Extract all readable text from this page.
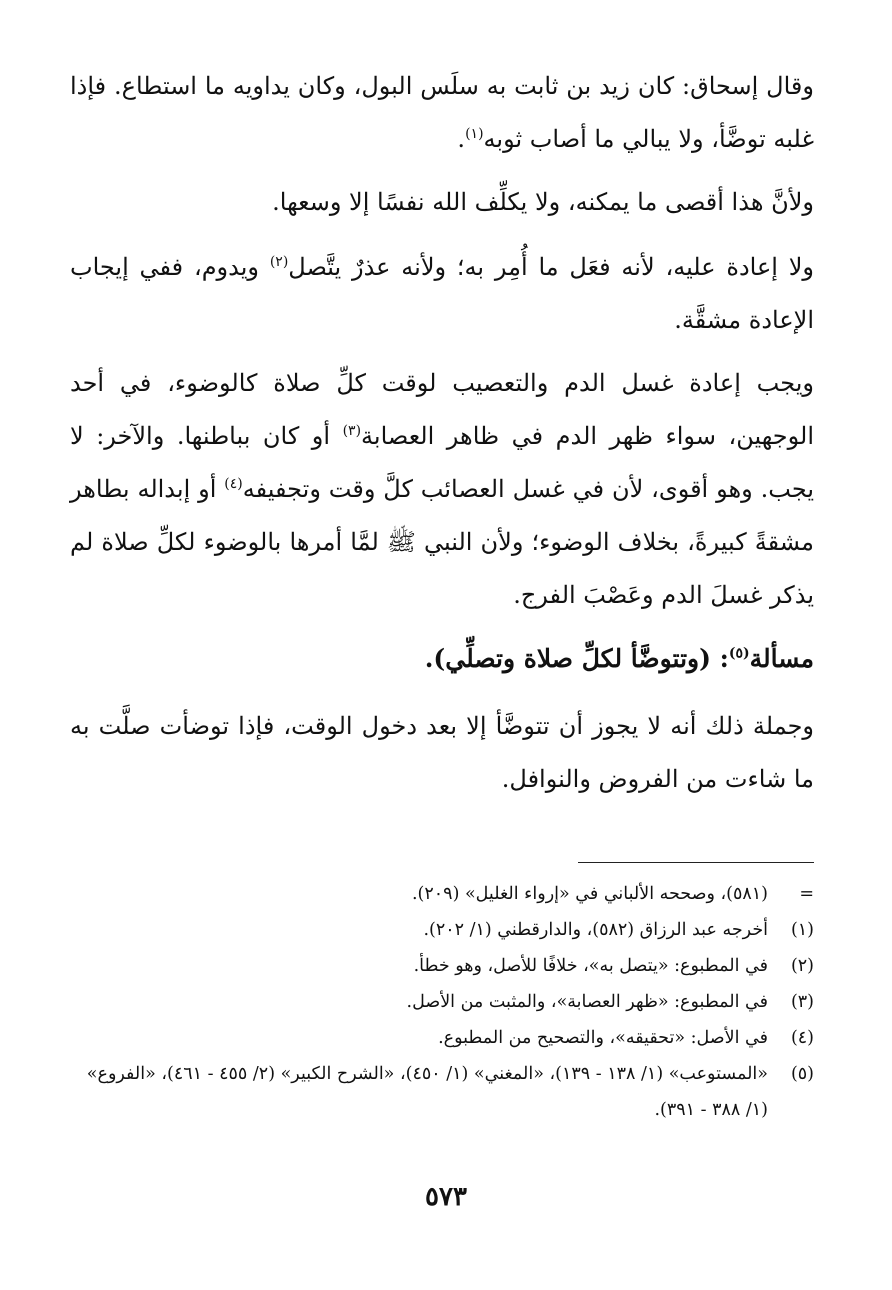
وقال إسحاق: كان زيد بن ثابت به سلَس البول، وكان يداويه ما استطاع. فإذا غلبه توضَّأ، ولا يبالي ما أصاب ثوبه$^{(١)}$.

ولأنَّ هذا أقصى ما يمكنه، ولا يكلِّف الله نفسًا إلا وسعها.

ولا إعادة عليه، لأنه فعَل ما أُمِر به؛ ولأنه عذرٌ يتَّصل$^{(٢)}$ ويدوم، ففي إيجاب الإعادة مشقَّة.

ويجب إعادة غسل الدم والتعصيب لوقت كلِّ صلاة كالوضوء، في أحد الوجهين، سواء ظهر الدم في ظاهر العصابة$^{(٣)}$ أو كان بباطنها. والآخر: لا يجب. وهو أقوى، لأن في غسل العصائب كلَّ وقت وتجفيفه$^{(٤)}$ أو إبداله بطاهر مشقةً كبيرةً، بخلاف الوضوء؛ ولأن النبي ﷺ لمَّا أمرها بالوضوء لكلِّ صلاة لم يذكر غسلَ الدم وعَصْبَ الفرج.

مسألة$^{(٥)}$: (وتتوضَّأ لكلِّ صلاة وتصلِّي).

وجملة ذلك أنه لا يجوز أن تتوضَّأ إلا بعد دخول الوقت، فإذا توضأت صلَّت به ما شاءت من الفروض والنوافل.

=
(٥٨١)، وصححه الألباني في «إرواء الغليل» (٢٠٩).
(١)
أخرجه عبد الرزاق (٥٨٢)، والدارقطني (١/ ٢٠٢).
(٢)
في المطبوع: «يتصل به»، خلافًا للأصل، وهو خطأ.
(٣)
في المطبوع: «ظهر العصابة»، والمثبت من الأصل.
(٤)
في الأصل: «تحقيقه»، والتصحيح من المطبوع.
(٥)
«المستوعب» (١/ ١٣٨ - ١٣٩)، «المغني» (١/ ٤٥٠)، «الشرح الكبير» (٢/ ٤٥٥ - ٤٦١)، «الفروع» (١/ ٣٨٨ - ٣٩١).
٥٧٣
